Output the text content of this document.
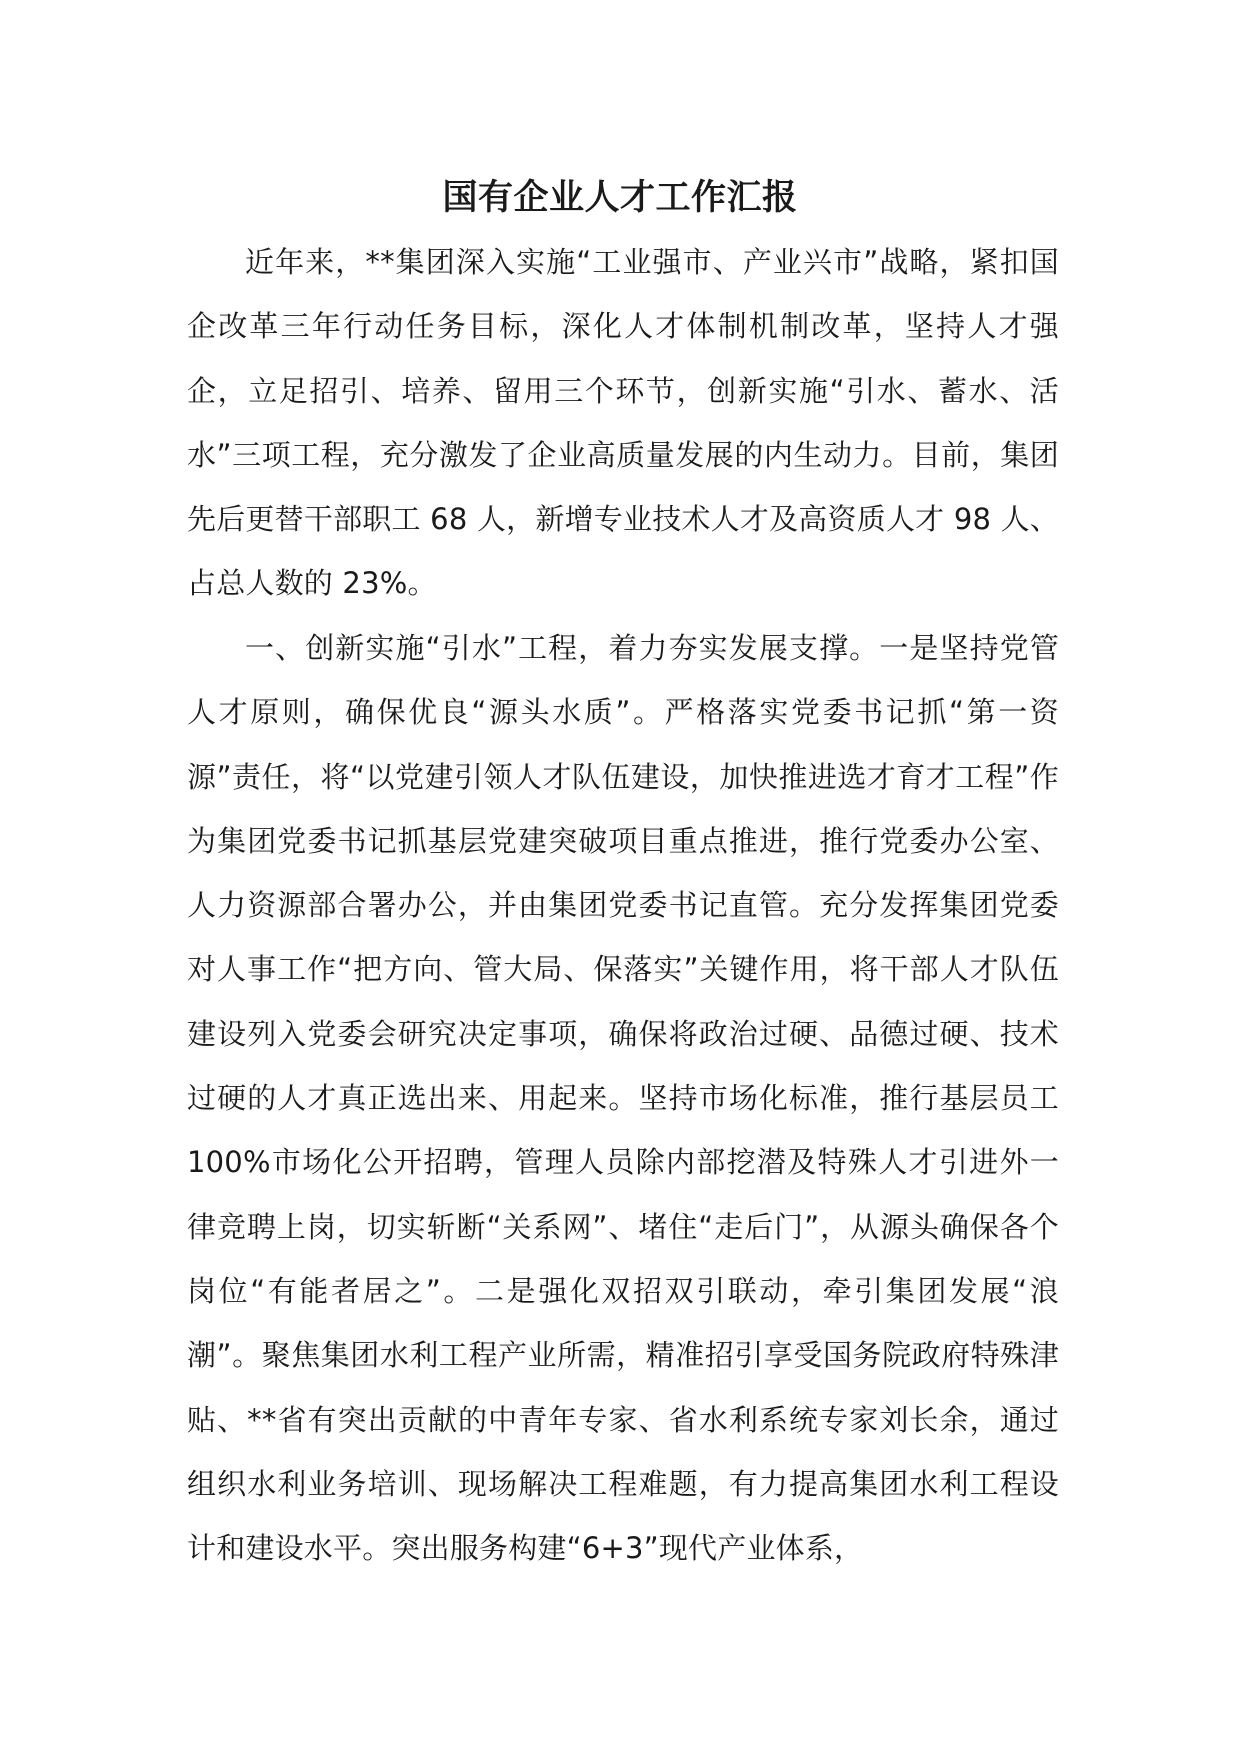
国有企业人才工作汇报

近年来，**集团深入实施“工业强市、产业兴市”战略，紧扣国企改革三年行动任务目标，深化人才体制机制改革，坚持人才强企，立足招引、培养、留用三个环节，创新实施“引水、蓄水、活水”三项工程，充分激发了企业高质量发展的内生动力。目前，集团先后更替干部职工 68 人，新增专业技术人才及高资质人才 98 人、占总人数的 23%。

一、创新实施“引水”工程，着力夯实发展支撑。一是坚持党管人才原则，确保优良“源头水质”。严格落实党委书记抓“第一资源”责任，将“以党建引领人才队伍建设，加快推进选才育才工程”作为集团党委书记抓基层党建突破项目重点推进，推行党委办公室、人力资源部合署办公，并由集团党委书记直管。充分发挥集团党委对人事工作“把方向、管大局、保落实”关键作用，将干部人才队伍建设列入党委会研究决定事项，确保将政治过硬、品德过硬、技术过硬的人才真正选出来、用起来。坚持市场化标准，推行基层员工 100%市场化公开招聘，管理人员除内部挖潜及特殊人才引进外一律竞聘上岗，切实斩断“关系网”、堵住“走后门”，从源头确保各个岗位“有能者居之”。二是强化双招双引联动，牵引集团发展“浪潮”。聚焦集团水利工程产业所需，精准招引享受国务院政府特殊津贴、**省有突出贡献的中青年专家、省水利系统专家刘长余，通过组织水利业务培训、现场解决工程难题，有力提高集团水利工程设计和建设水平。突出服务构建“6+3”现代产业体系，
